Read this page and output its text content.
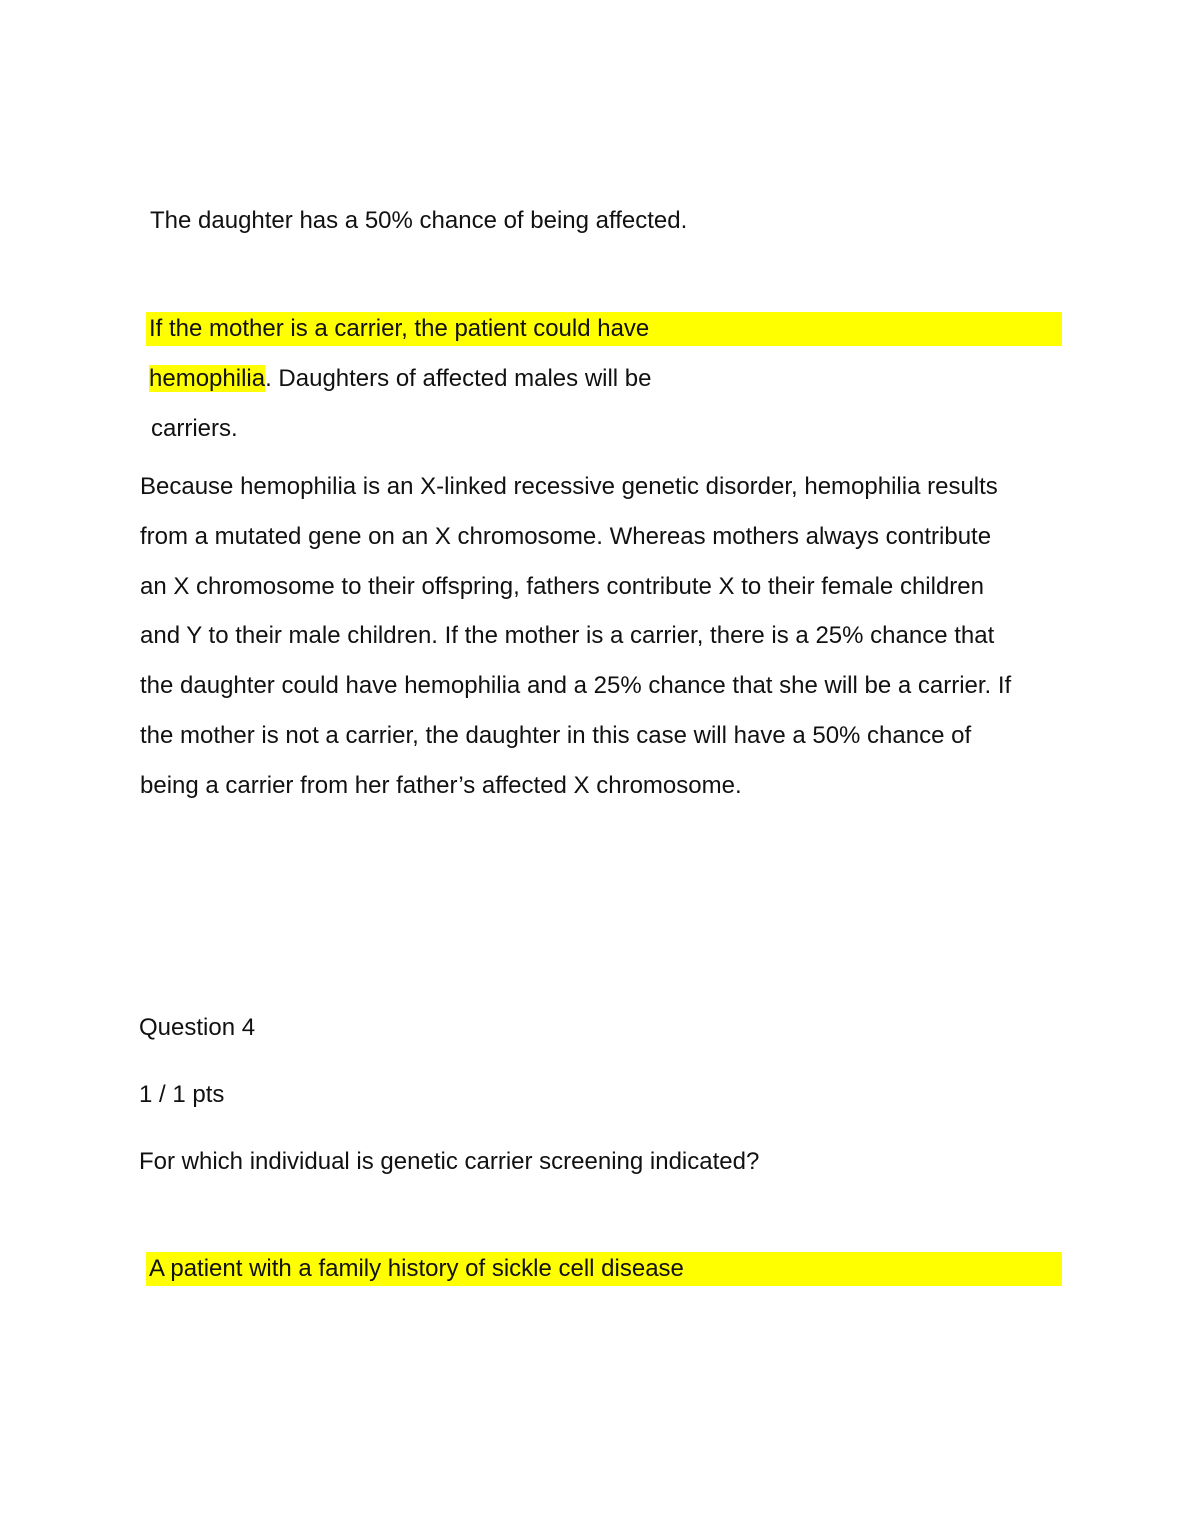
The daughter has a 50% chance of being affected.
If the mother is a carrier, the patient could have
hemophilia. Daughters of affected males will be
carriers.
Because hemophilia is an X-linked recessive genetic disorder, hemophilia results
from a mutated gene on an X chromosome. Whereas mothers always contribute
an X chromosome to their offspring, fathers contribute X to their female children
and Y to their male children. If the mother is a carrier, there is a 25% chance that
the daughter could have hemophilia and a 25% chance that she will be a carrier. If
the mother is not a carrier, the daughter in this case will have a 50% chance of
being a carrier from her father’s affected X chromosome.
Question 4
1 / 1 pts
For which individual is genetic carrier screening indicated?
A patient with a family history of sickle cell disease
